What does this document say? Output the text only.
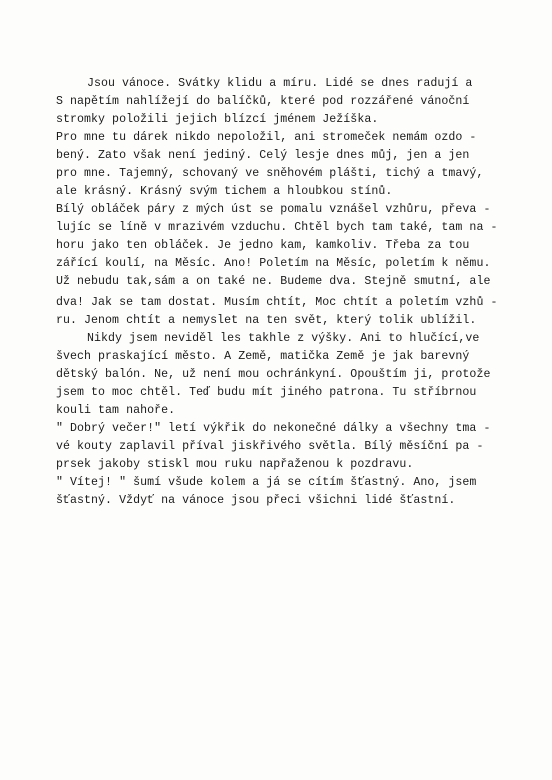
Jsou vánoce. Svátky klidu a míru. Lidé se dnes radují a
S napětím nahlížejí do balíčků, které pod rozzářené vánoční
stromky položili jejich blízcí jménem Ježíška.
Pro mne tu dárek nikdo nepoložil, ani stromeček nemám ozdo -
bený. Zato však není jediný. Celý lesje dnes můj, jen a jen
pro mne. Tajemný, schovaný ve sněhovém plášti, tichý a tmavý,
ale krásný. Krásný svým tichem a hloubkou stínů.
Bílý obláček páry z mých úst se pomalu vznášel vzhůru, převa -
lujíc se líně v mrazivém vzduchu. Chtěl bych tam také, tam na -
horu jako ten obláček. Je jedno kam, kamkoliv. Třeba za tou
zářící koulí, na Měsíc. Ano! Poletím na Měsíc, poletím k němu.
Už nebudu tak,sám a on také ne. Budeme dva. Stejně smutní, ale
dva! Jak se tam dostat. Musím chtít, Moc chtít a poletím vzhů -
ru. Jenom chtít a nemyslet na ten svět, který tolik ublížil.
Nikdy jsem neviděl les takhle z výšky. Ani to hlučící,ve
švech praskající město. A Země, matička Země je jak barevný
dětský balón. Ne, už není mou ochránkyní. Opouštím ji, protože
jsem to moc chtěl. Teď budu mít jiného patrona. Tu stříbrnou
kouli tam nahoře.
" Dobrý večer!" letí výkřik do nekonečné dálky a všechny tma -
vé kouty zaplavil příval jiskřivého světla. Bílý měsíční pa -
prsek jakoby stiskl mou ruku napřaženou k pozdravu.
" Vítej! " šumí všude kolem a já se cítím šťastný. Ano, jsem
šťastný. Vždyť na vánoce jsou přeci všichni lidé šťastní.
